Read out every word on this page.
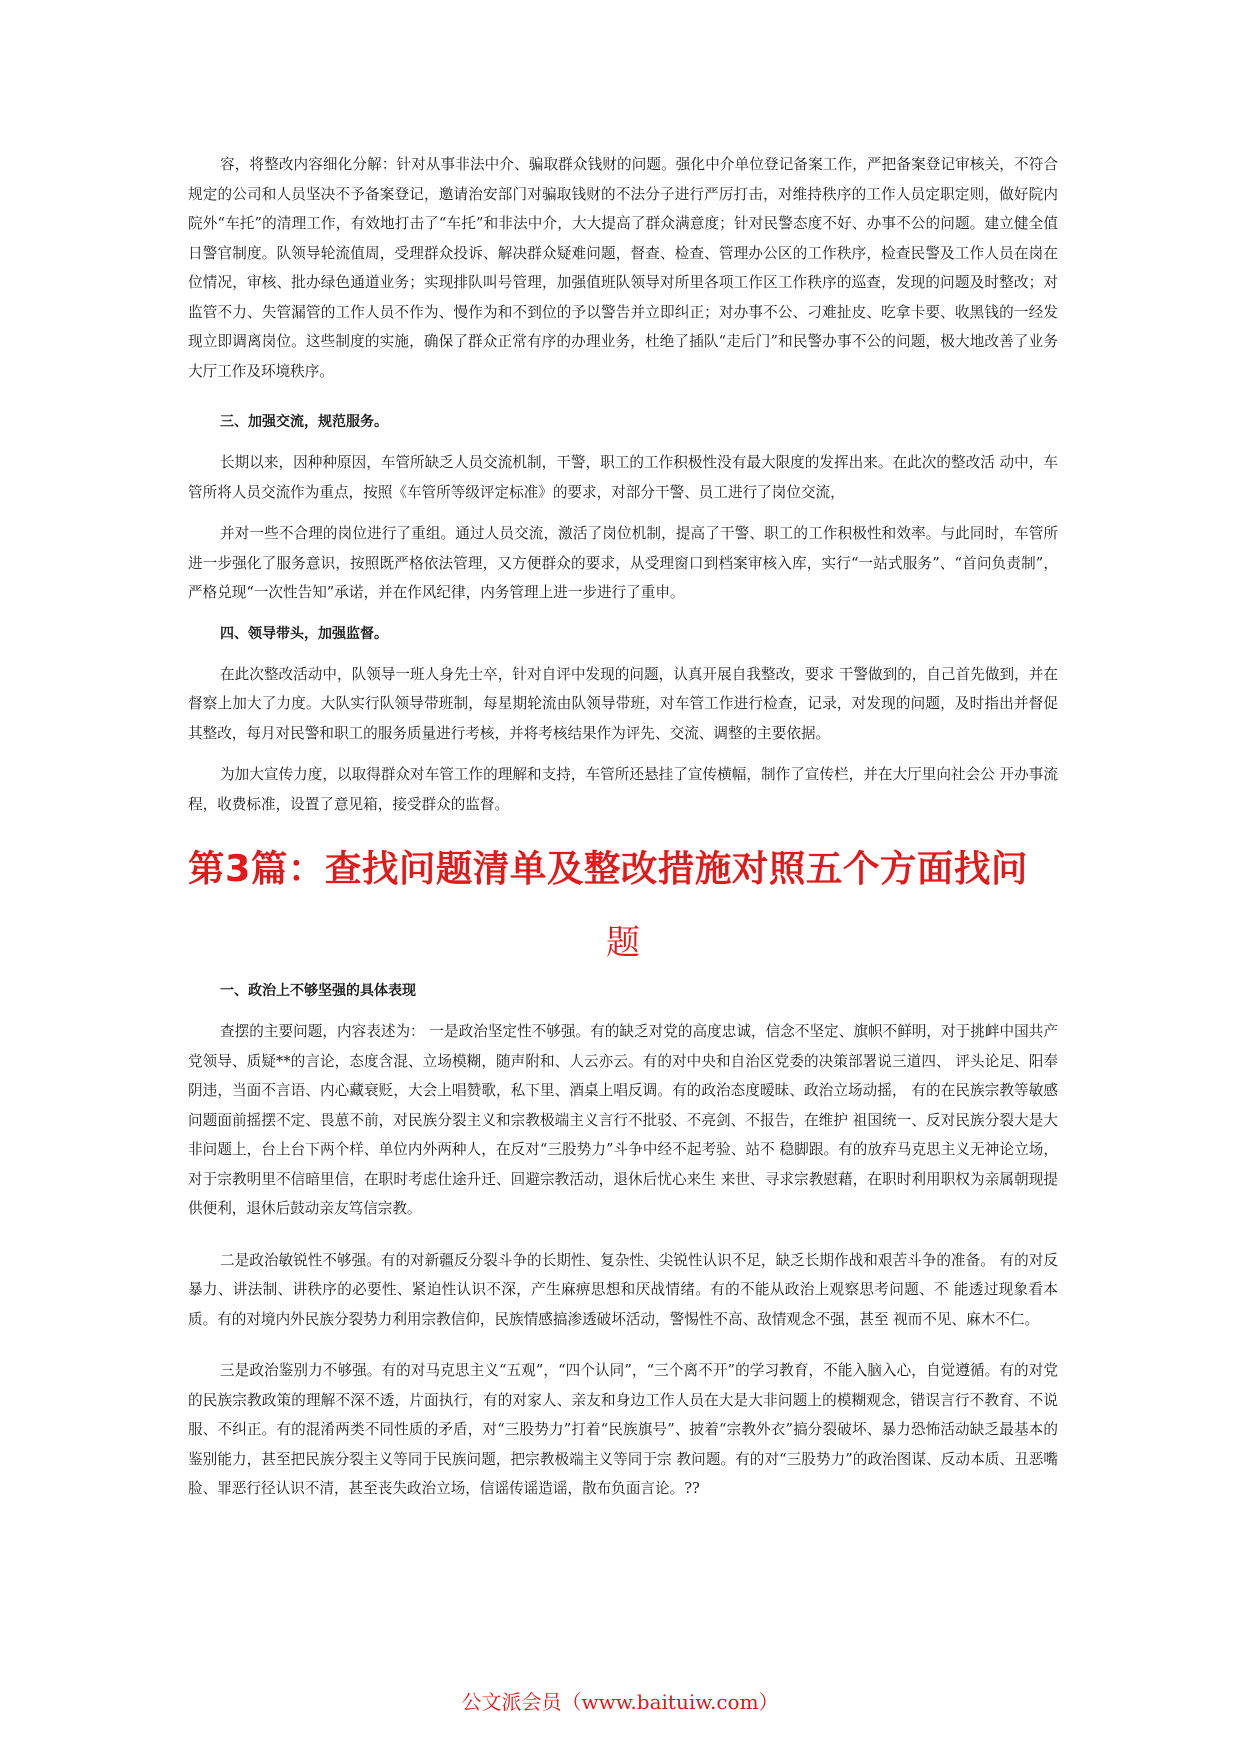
容，将整改内容细化分解：针对从事非法中介、骗取群众钱财的问题。强化中介单位登记备案工作，严把备案登记审核关，不符合规定的公司和人员坚决不予备案登记，邀请治安部门对骗取钱财的不法分子进行严厉打击，对维持秩序的工作人员定职定则，做好院内院外“车托”的清理工作，有效地打击了“车托”和非法中介，大大提高了群众满意度；针对民警态度不好、办事不公的问题。建立健全值日警官制度。队领导轮流值周，受理群众投诉、解决群众疑难问题，督查、检查、管理办公区的工作秩序，检查民警及工作人员在岗在位情况，审核、批办绿色通道业务；实现排队叫号管理，加强值班队领导对所里各项工作区工作秩序的巡查，发现的问题及时整改；对监管不力、失管漏管的工作人员不作为、慢作为和不到位的予以警告并立即纠正；对办事不公、刁难扯皮、吃拿卡要、收黑钱的一经发现立即调离岗位。这些制度的实施，确保了群众正常有序的办理业务，杜绝了插队“走后门”和民警办事不公的问题，极大地改善了业务大厅工作及环境秩序。

三、加强交流，规范服务。

长期以来，因种种原因，车管所缺乏人员交流机制，干警，职工的工作积极性没有最大限度的发挥出来。在此次的整改活 动中，车管所将人员交流作为重点，按照《车管所等级评定标准》的要求，对部分干警、员工进行了岗位交流，

并对一些不合理的岗位进行了重组。通过人员交流，激活了岗位机制，提高了干警、职工的工作积极性和效率。与此同时，车管所进一步强化了服务意识，按照既严格依法管理，又方便群众的要求，从受理窗口到档案审核入库，实行“一站式服务”、“首问负责制”，严格兑现“一次性告知”承诺，并在作风纪律，内务管理上进一步进行了重申。

四、领导带头，加强监督。

在此次整改活动中，队领导一班人身先士卒，针对自评中发现的问题，认真开展自我整改，要求 干警做到的，自己首先做到，并在督察上加大了力度。大队实行队领导带班制，每星期轮流由队领导带班，对车管工作进行检查，记录，对发现的问题，及时指出并督促其整改，每月对民警和职工的服务质量进行考核，并将考核结果作为评先、交流、调整的主要依据。

为加大宣传力度，以取得群众对车管工作的理解和支持，车管所还悬挂了宣传横幅，制作了宣传栏，并在大厅里向社会公 开办事流程，收费标准，设置了意见箱，接受群众的监督。

第3篇：查找问题清单及整改措施对照五个方面找问
题
一、政治上不够坚强的具体表现

查摆的主要问题，内容表述为： 一是政治坚定性不够强。有的缺乏对党的高度忠诚，信念不坚定、旗帜不鲜明，对于挑衅中国共产党领导、质疑**的言论，态度含混、立场模糊，随声附和、人云亦云。有的对中央和自治区党委的决策部署说三道四、 评头论足、阳奉阴违，当面不言语、内心藏衰贬，大会上唱赞歌，私下里、酒桌上唱反调。有的政治态度暧昧、政治立场动摇， 有的在民族宗教等敏感问题面前摇摆不定、畏葸不前，对民族分裂主义和宗教极端主义言行不批驳、不亮剑、不报告，在维护 祖国统一、反对民族分裂大是大非问题上，台上台下两个样、单位内外两种人，在反对“三股势力”斗争中经不起考验、站不 稳脚跟。有的放弃马克思主义无神论立场，对于宗教明里不信暗里信，在职时考虑仕途升迁、回避宗教活动，退休后忧心来生 来世、寻求宗教慰藉，在职时利用职权为亲属朝现提供便利，退休后鼓动亲友笃信宗教。

二是政治敏锐性不够强。有的对新疆反分裂斗争的长期性、复杂性、尖锐性认识不足，缺乏长期作战和艰苦斗争的准备。 有的对反暴力、讲法制、讲秩序的必要性、紧迫性认识不深，产生麻痹思想和厌战情绪。有的不能从政治上观察思考问题、不 能透过现象看本质。有的对境内外民族分裂势力利用宗教信仰，民族情感搞渗透破坏活动，警惕性不高、敌情观念不强，甚至 视而不见、麻木不仁。

三是政治鉴别力不够强。有的对马克思主义“五观”，“四个认同”，“三个离不开”的学习教育，不能入脑入心，自觉遵循。有的对党的民族宗教政策的理解不深不透，片面执行，有的对家人、亲友和身边工作人员在大是大非问题上的模糊观念，错误言行不教育、不说服、不纠正。有的混淆两类不同性质的矛盾，对“三股势力”打着“民族旗号”、披着“宗教外衣”搞分裂破坏、暴力恐怖活动缺乏最基本的鉴别能力，甚至把民族分裂主义等同于民族问题，把宗教极端主义等同于宗 教问题。有的对“三股势力”的政治图谋、反动本质、丑恶嘴脸、罪恶行径认识不清，甚至丧失政治立场，信谣传谣造谣，散布负面言论。??

公文派会员（www.baituiw.com）
